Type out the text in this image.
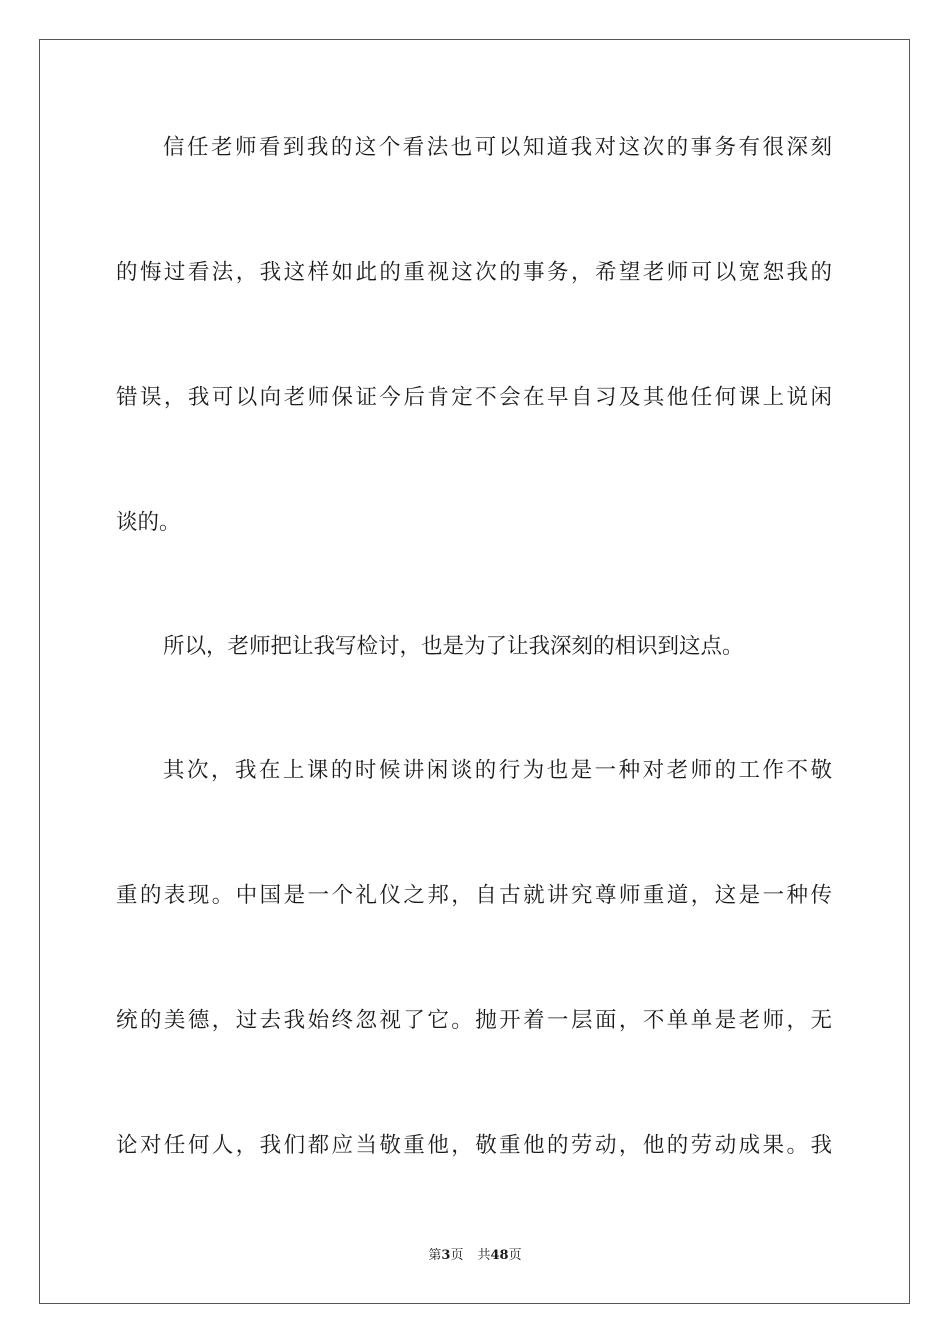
信任老师看到我的这个看法也可以知道我对这次的事务有很深刻
的悔过看法，我这样如此的重视这次的事务，希望老师可以宽恕我的
错误，我可以向老师保证今后肯定不会在早自习及其他任何课上说闲
谈的。
所以，老师把让我写检讨，也是为了让我深刻的相识到这点。
其次，我在上课的时候讲闲谈的行为也是一种对老师的工作不敬
重的表现。中国是一个礼仪之邦，自古就讲究尊师重道，这是一种传
统的美德，过去我始终忽视了它。抛开着一层面，不单单是老师，无
论对任何人，我们都应当敬重他，敬重他的劳动，他的劳动成果。我
第3页 共48页
